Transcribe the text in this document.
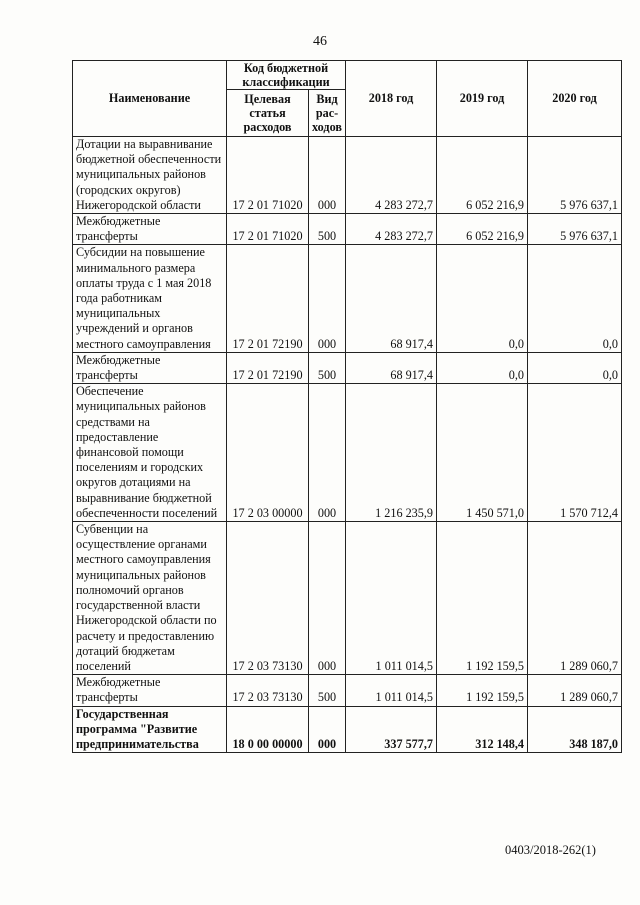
46
Наименование	Код бюджетной классификации		2018 год	2019 год	2020 год
	Целевая статья расходов	Вид рас-ходов			
Дотации на выравнивание бюджетной обеспеченности муниципальных районов (городских округов) Нижегородской области	17 2 01 71020	000	4 283 272,7	6 052 216,9	5 976 637,1
Межбюджетные трансферты	17 2 01 71020	500	4 283 272,7	6 052 216,9	5 976 637,1
Субсидии на повышение минимального размера оплаты труда с 1 мая 2018 года работникам муниципальных учреждений и органов местного самоуправления	17 2 01 72190	000	68 917,4	0,0	0,0
Межбюджетные трансферты	17 2 01 72190	500	68 917,4	0,0	0,0
Обеспечение муниципальных районов средствами на предоставление финансовой помощи поселениям и городских округов дотациями на выравнивание бюджетной обеспеченности поселений	17 2 03 00000	000	1 216 235,9	1 450 571,0	1 570 712,4
Субвенции на осуществление органами местного самоуправления муниципальных районов полномочий органов государственной власти Нижегородской области по расчету и предоставлению дотаций бюджетам поселений	17 2 03 73130	000	1 011 014,5	1 192 159,5	1 289 060,7
Межбюджетные трансферты	17 2 03 73130	500	1 011 014,5	1 192 159,5	1 289 060,7
Государственная программа "Развитие предпринимательства	18 0 00 00000	000	337 577,7	312 148,4	348 187,0
0403/2018-262(1)
